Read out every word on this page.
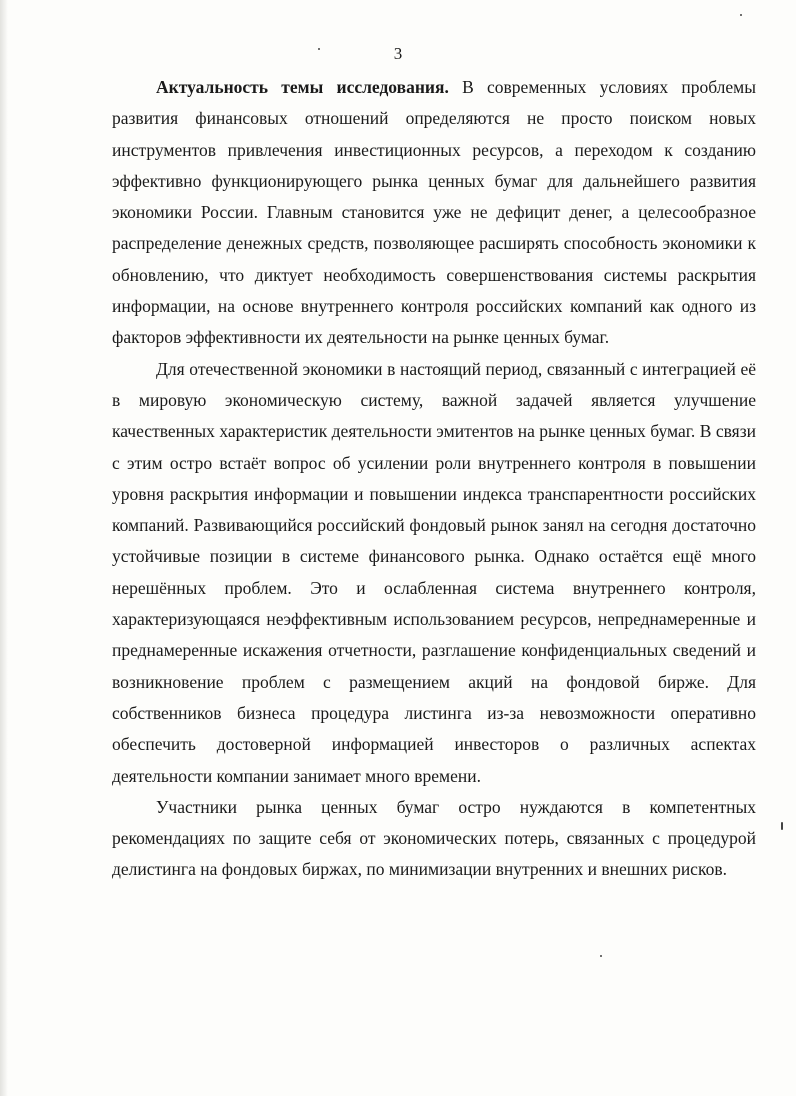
3

Актуальность темы исследования. В современных условиях проблемы развития финансовых отношений определяются не просто поиском новых инструментов привлечения инвестиционных ресурсов, а переходом к созданию эффективно функционирующего рынка ценных бумаг для дальнейшего развития экономики России. Главным становится уже не дефицит денег, а целесообразное распределение денежных средств, позволяющее расширять способность экономики к обновлению, что диктует необходимость совершенствования системы раскрытия информации, на основе внутреннего контроля российских компаний как одного из факторов эффективности их деятельности на рынке ценных бумаг.

Для отечественной экономики в настоящий период, связанный с интеграцией её в мировую экономическую систему, важной задачей является улучшение качественных характеристик деятельности эмитентов на рынке ценных бумаг. В связи с этим остро встаёт вопрос об усилении роли внутреннего контроля в повышении уровня раскрытия информации и повышении индекса транспарентности российских компаний. Развивающийся российский фондовый рынок занял на сегодня достаточно устойчивые позиции в системе финансового рынка. Однако остаётся ещё много нерешённых проблем. Это и ослабленная система внутреннего контроля, характеризующаяся неэффективным использованием ресурсов, непреднамеренные и преднамеренные искажения отчетности, разглашение конфиденциальных сведений и возникновение проблем с размещением акций на фондовой бирже. Для собственников бизнеса процедура листинга из-за невозможности оперативно обеспечить достоверной информацией инвесторов о различных аспектах деятельности компании занимает много времени.

Участники рынка ценных бумаг остро нуждаются в компетентных рекомендациях по защите себя от экономических потерь, связанных с процедурой делистинга на фондовых биржах, по минимизации внутренних и внешних рисков.
